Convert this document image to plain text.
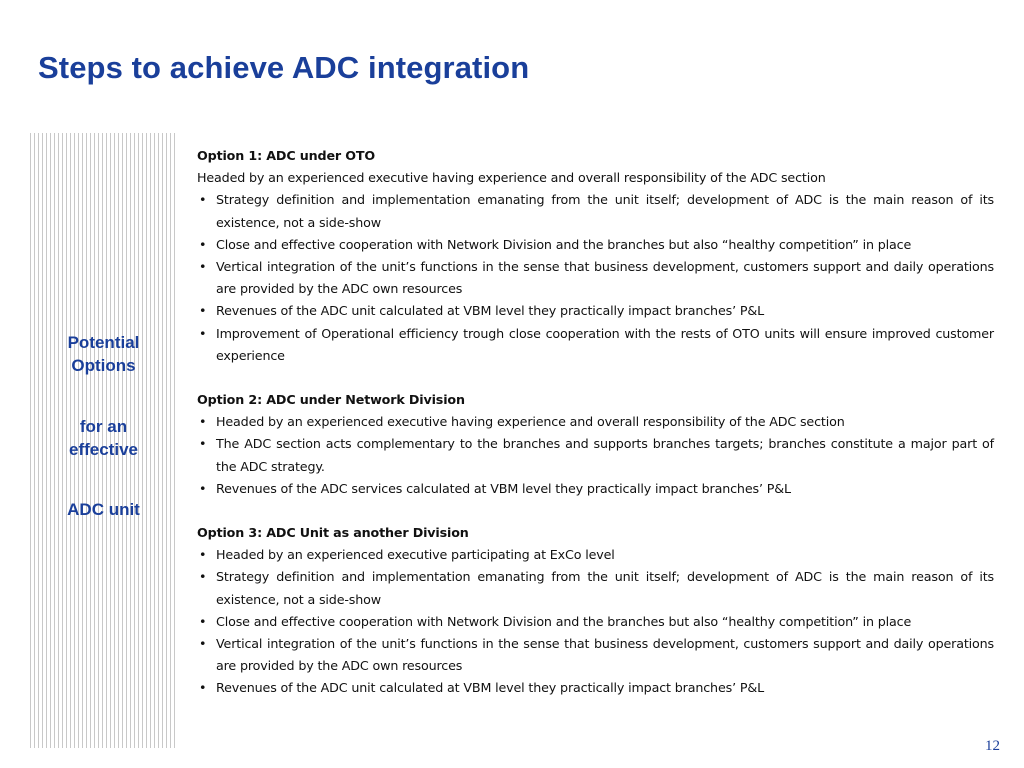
Steps to achieve ADC integration
Potential
Options
for an
effective
ADC unit
Option 1: ADC under OTO
Headed by an experienced executive having experience and overall responsibility of the ADC section
• Strategy definition and implementation emanating from the unit itself; development of ADC is the main reason of its existence, not a side-show
• Close and effective cooperation with Network Division and the branches but also “healthy competition” in place
• Vertical integration of the unit’s functions in the sense that business development, customers support and daily operations are provided by the ADC own resources
• Revenues of the ADC unit calculated at VBM level they practically impact branches’ P&L
• Improvement of Operational efficiency trough close cooperation with the rests of OTO units will ensure improved customer experience
Option 2: ADC under Network Division
• Headed by an experienced executive having experience and overall responsibility of the ADC section
• The ADC section acts complementary to the branches and supports branches targets; branches constitute a major part of the ADC strategy.
• Revenues of the ADC services calculated at VBM level they practically impact branches’ P&L
Option 3: ADC Unit as another Division
• Headed by an experienced executive participating at ExCo level
• Strategy definition and implementation emanating from the unit itself; development of ADC is the main reason of its existence, not a side-show
• Close and effective cooperation with Network Division and the branches but also “healthy competition” in place
• Vertical integration of the unit’s functions in the sense that business development, customers support and daily operations are provided by the ADC own resources
• Revenues of the ADC unit calculated at VBM level they practically impact branches’ P&L
12
